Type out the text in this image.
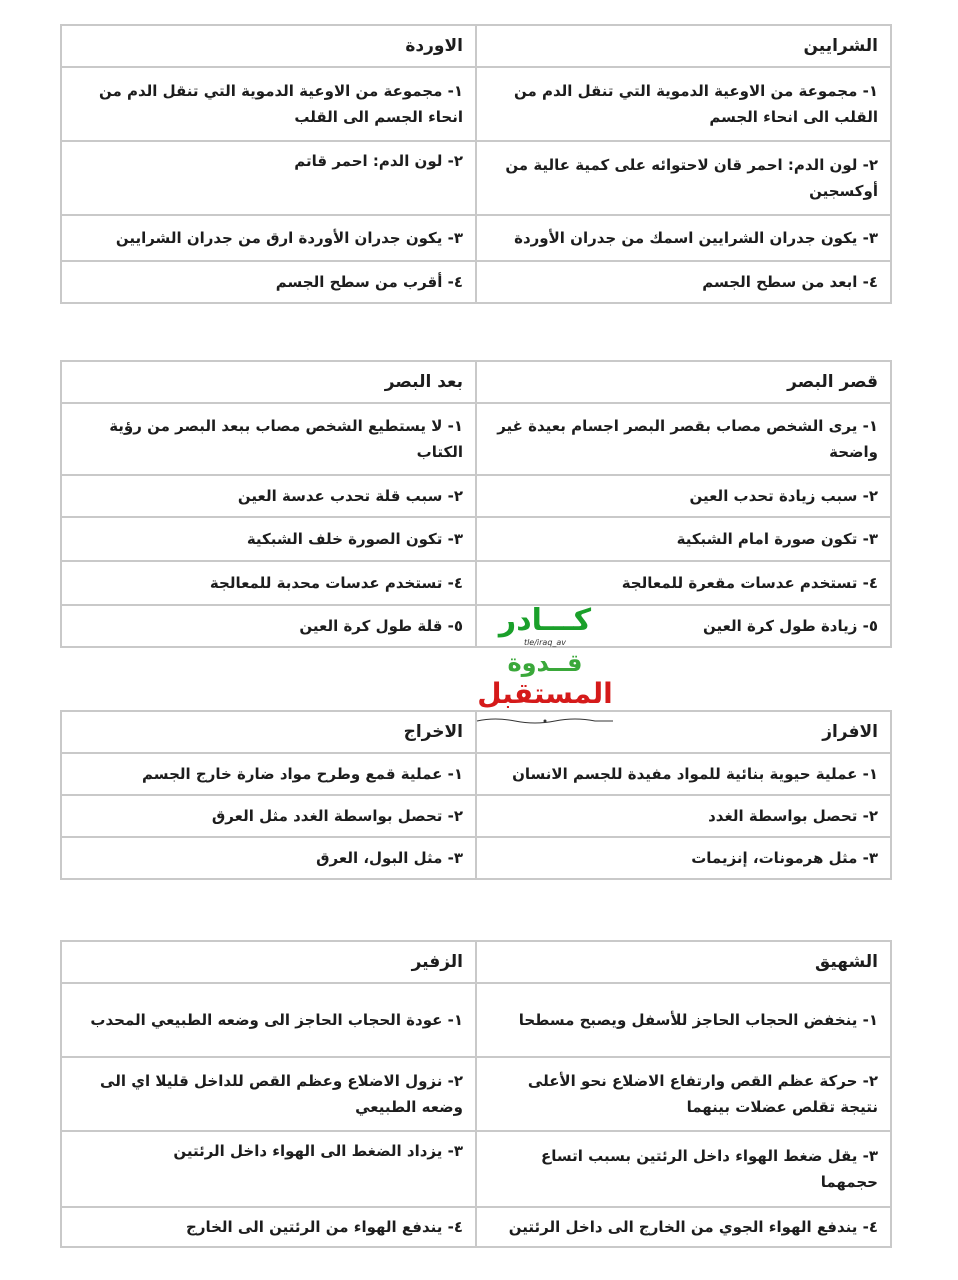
الشرايين	الاوردة
١- مجموعة من الاوعية الدموية التي تنقل الدم من القلب الى انحاء الجسم	١- مجموعة من الاوعية الدموية التي تنقل الدم من انحاء الجسم الى القلب
٢- لون الدم: احمر قان لاحتوائه على كمية عالية من أوكسجين	٢- لون الدم: احمر قاتم
٣- يكون جدران الشرايين اسمك من جدران الأوردة	٣- يكون جدران الأوردة ارق من جدران الشرايين
٤- ابعد من سطح الجسم	٤- أقرب من سطح الجسم
قصر البصر	بعد البصر
١- يرى الشخص مصاب بقصر البصر اجسام بعيدة غير واضحة	١- لا يستطيع الشخص مصاب ببعد البصر من رؤية الكتاب
٢- سبب زيادة تحدب العين	٢- سبب قلة تحدب عدسة العين
٣- تكون صورة امام الشبكية	٣- تكون الصورة خلف الشبكية
٤- تستخدم عدسات مقعرة للمعالجة	٤- تستخدم عدسات محدبة للمعالجة
٥- زيادة طول كرة العين	٥- قلة طول كرة العين
الافراز	الاخراج
١- عملية حيوية بنائية للمواد مفيدة للجسم الانسان	١- عملية قمع وطرح مواد ضارة خارج الجسم
٢- تحصل بواسطة الغدد	٢- تحصل بواسطة الغدد مثل العرق
٣- مثل هرمونات، إنزيمات	٣- مثل البول، العرق
الشهيق	الزفير
١- ينخفض الحجاب الحاجز للأسفل ويصبح مسطحا	١- عودة الحجاب الحاجز الى وضعه الطبيعي المحدب
٢- حركة عظم القص وارتفاع الاضلاع نحو الأعلى نتيجة تقلص عضلات بينهما	٢- نزول الاضلاع وعظم القص للداخل قليلا اي الى وضعه الطبيعي
٣- يقل ضغط الهواء داخل الرئتين بسبب اتساع حجمهما	٣- يزداد الضغط الى الهواء داخل الرئتين
٤- يندفع الهواء الجوي من الخارج الى داخل الرئتين	٤- يندفع الهواء من الرئتين الى الخارج
كـــادر
tle/iraq_av
قــدوة
المستقبل
